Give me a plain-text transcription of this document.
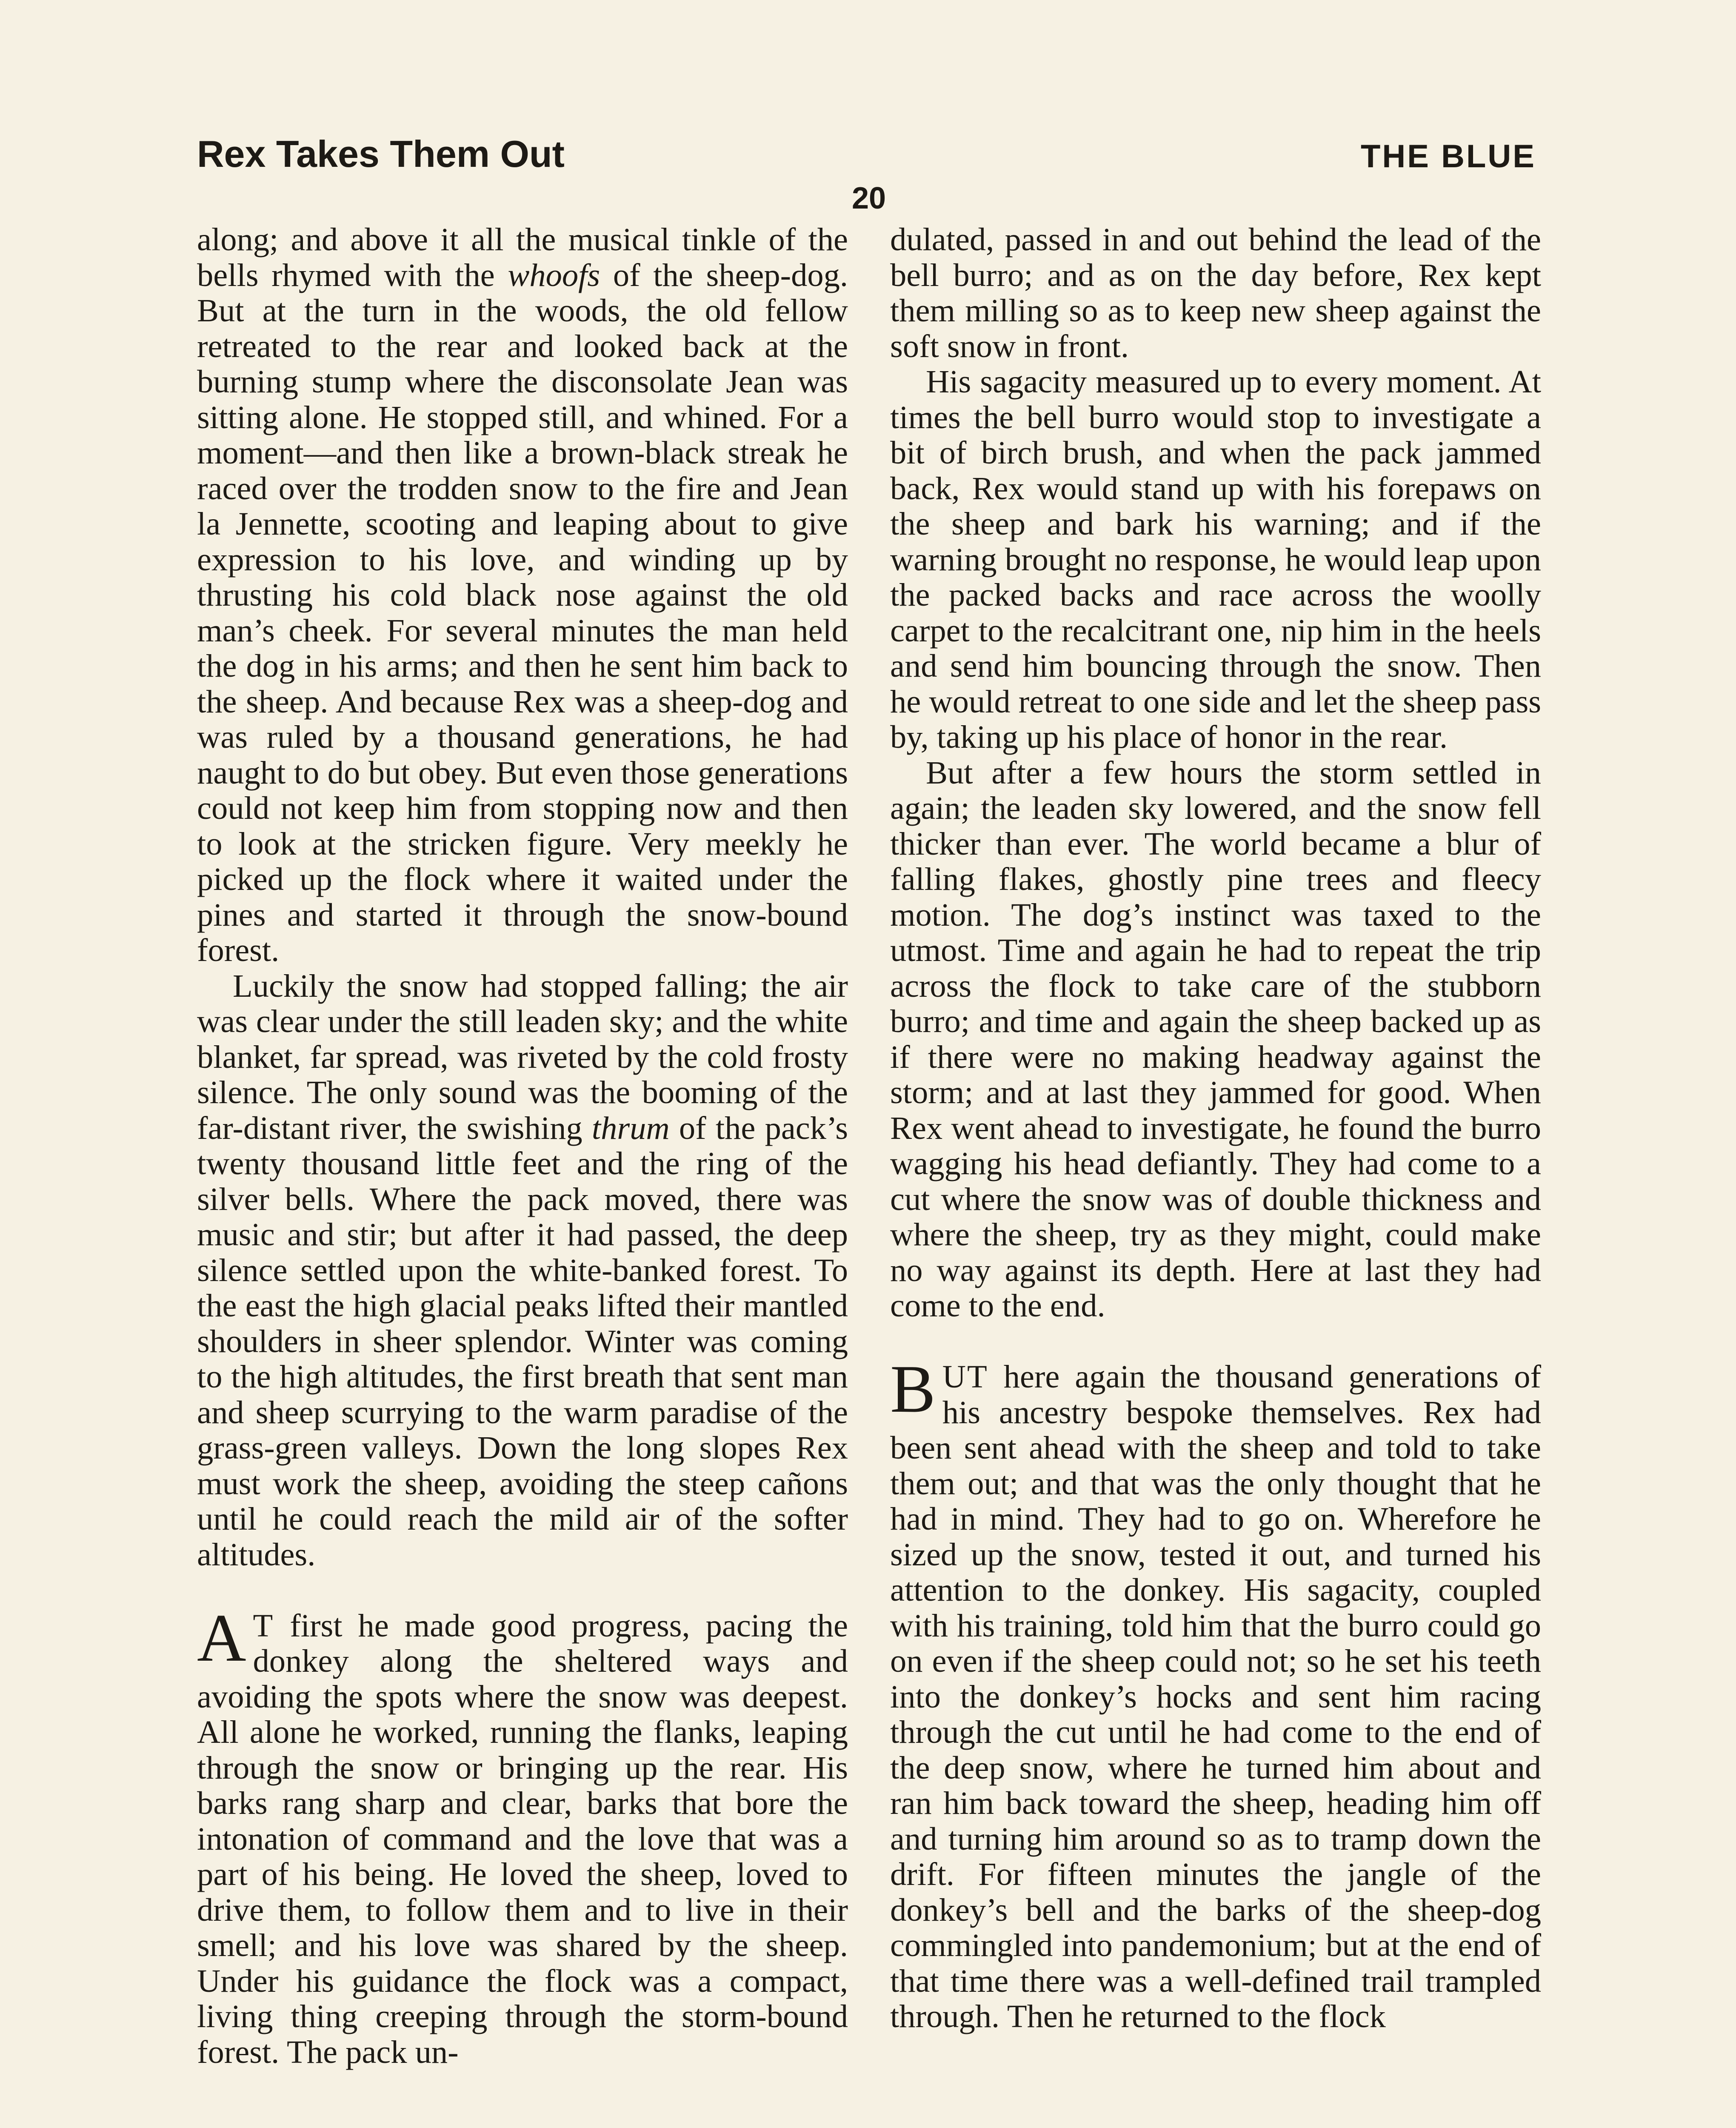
Rex Takes Them Out	THE BLUE
20

along; and above it all the musical tinkle of the bells rhymed with the whoofs of the sheep-dog. But at the turn in the woods, the old fellow retreated to the rear and looked back at the burning stump where the disconsolate Jean was sitting alone. He stopped still, and whined. For a moment—and then like a brown-black streak he raced over the trodden snow to the fire and Jean la Jennette, scooting and leaping about to give expression to his love, and winding up by thrusting his cold black nose against the old man’s cheek. For several minutes the man held the dog in his arms; and then he sent him back to the sheep. And because Rex was a sheep-dog and was ruled by a thousand generations, he had naught to do but obey. But even those generations could not keep him from stopping now and then to look at the stricken figure. Very meekly he picked up the flock where it waited under the pines and started it through the snow-bound forest.

Luckily the snow had stopped falling; the air was clear under the still leaden sky; and the white blanket, far spread, was riveted by the cold frosty silence. The only sound was the booming of the far-distant river, the swishing thrum of the pack’s twenty thousand little feet and the ring of the silver bells. Where the pack moved, there was music and stir; but after it had passed, the deep silence settled upon the white-banked forest. To the east the high glacial peaks lifted their mantled shoulders in sheer splendor. Winter was coming to the high altitudes, the first breath that sent man and sheep scurrying to the warm paradise of the grass-green valleys. Down the long slopes Rex must work the sheep, avoiding the steep cañons until he could reach the mild air of the softer altitudes.

A T first he made good progress, pacing the donkey along the sheltered ways and avoiding the spots where the snow was deepest. All alone he worked, running the flanks, leaping through the snow or bringing up the rear. His barks rang sharp and clear, barks that bore the intonation of command and the love that was a part of his being. He loved the sheep, loved to drive them, to follow them and to live in their smell; and his love was shared by the sheep. Under his guidance the flock was a compact, living thing creeping through the storm-bound forest. The pack un-

dulated, passed in and out behind the lead of the bell burro; and as on the day before, Rex kept them milling so as to keep new sheep against the soft snow in front.

His sagacity measured up to every moment. At times the bell burro would stop to investigate a bit of birch brush, and when the pack jammed back, Rex would stand up with his forepaws on the sheep and bark his warning; and if the warning brought no response, he would leap upon the packed backs and race across the woolly carpet to the recalcitrant one, nip him in the heels and send him bouncing through the snow. Then he would retreat to one side and let the sheep pass by, taking up his place of honor in the rear.

But after a few hours the storm settled in again; the leaden sky lowered, and the snow fell thicker than ever. The world became a blur of falling flakes, ghostly pine trees and fleecy motion. The dog’s instinct was taxed to the utmost. Time and again he had to repeat the trip across the flock to take care of the stubborn burro; and time and again the sheep backed up as if there were no making headway against the storm; and at last they jammed for good. When Rex went ahead to investigate, he found the burro wagging his head defiantly. They had come to a cut where the snow was of double thickness and where the sheep, try as they might, could make no way against its depth. Here at last they had come to the end.

BUT here again the thousand generations of his ancestry bespoke themselves. Rex had been sent ahead with the sheep and told to take them out; and that was the only thought that he had in mind. They had to go on. Wherefore he sized up the snow, tested it out, and turned his attention to the donkey. His sagacity, coupled with his training, told him that the burro could go on even if the sheep could not; so he set his teeth into the donkey’s hocks and sent him racing through the cut until he had come to the end of the deep snow, where he turned him about and ran him back toward the sheep, heading him off and turning him around so as to tramp down the drift. For fifteen minutes the jangle of the donkey’s bell and the barks of the sheep-dog commingled into pandemonium; but at the end of that time there was a well-defined trail trampled through. Then he returned to the flock
